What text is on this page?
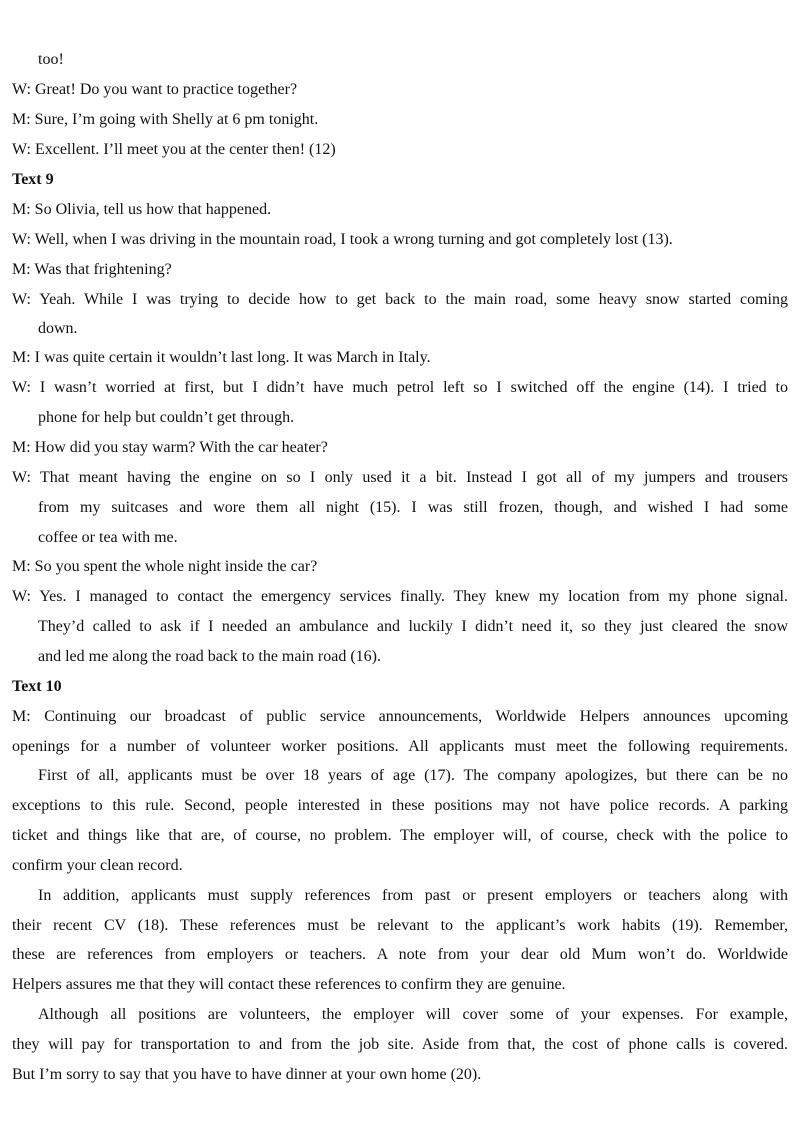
too!
W: Great! Do you want to practice together?
M: Sure, I’m going with Shelly at 6 pm tonight.
W: Excellent. I’ll meet you at the center then! (12)
Text 9
M: So Olivia, tell us how that happened.
W: Well, when I was driving in the mountain road, I took a wrong turning and got completely lost (13).
M: Was that frightening?
W: Yeah. While I was trying to decide how to get back to the main road, some heavy snow started coming
down.
M: I was quite certain it wouldn’t last long. It was March in Italy.
W: I wasn’t worried at first, but I didn’t have much petrol left so I switched off the engine (14). I tried to
phone for help but couldn’t get through.
M: How did you stay warm? With the car heater?
W: That meant having the engine on so I only used it a bit. Instead I got all of my jumpers and trousers
from my suitcases and wore them all night (15). I was still frozen, though, and wished I had some
coffee or tea with me.
M: So you spent the whole night inside the car?
W: Yes. I managed to contact the emergency services finally. They knew my location from my phone signal.
They’d called to ask if I needed an ambulance and luckily I didn’t need it, so they just cleared the snow
and led me along the road back to the main road (16).
Text 10
M: Continuing our broadcast of public service announcements, Worldwide Helpers announces upcoming
openings for a number of volunteer worker positions. All applicants must meet the following requirements.
First of all, applicants must be over 18 years of age (17). The company apologizes, but there can be no
exceptions to this rule. Second, people interested in these positions may not have police records. A parking
ticket and things like that are, of course, no problem. The employer will, of course, check with the police to
confirm your clean record.
In addition, applicants must supply references from past or present employers or teachers along with
their recent CV (18). These references must be relevant to the applicant’s work habits (19). Remember,
these are references from employers or teachers. A note from your dear old Mum won’t do. Worldwide
Helpers assures me that they will contact these references to confirm they are genuine.
Although all positions are volunteers, the employer will cover some of your expenses. For example,
they will pay for transportation to and from the job site. Aside from that, the cost of phone calls is covered.
But I’m sorry to say that you have to have dinner at your own home (20).
